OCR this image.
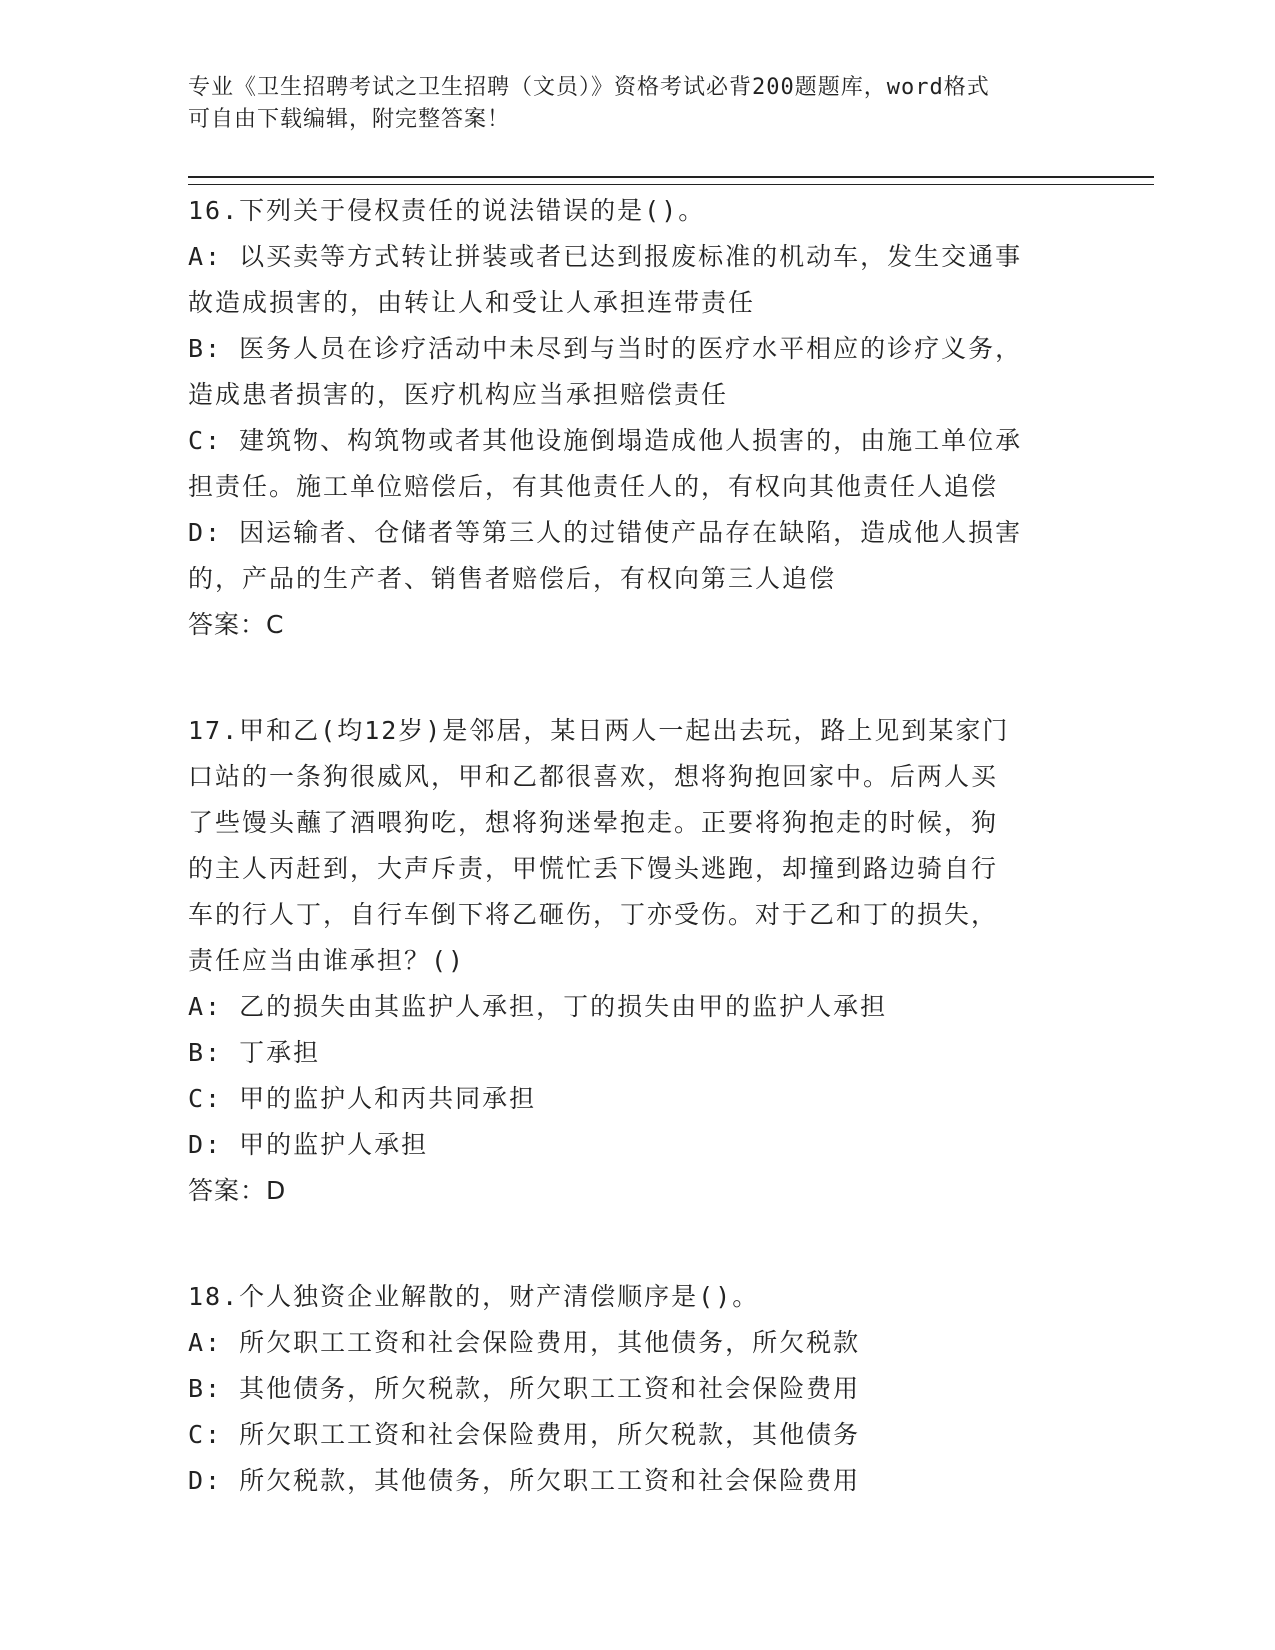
专业《卫生招聘考试之卫生招聘（文员）》资格考试必背200题题库，word格式
可自由下载编辑，附完整答案！
16.下列关于侵权责任的说法错误的是()。
A: 以买卖等方式转让拼装或者已达到报废标准的机动车，发生交通事
故造成损害的，由转让人和受让人承担连带责任
B: 医务人员在诊疗活动中未尽到与当时的医疗水平相应的诊疗义务，
造成患者损害的，医疗机构应当承担赔偿责任
C: 建筑物、构筑物或者其他设施倒塌造成他人损害的，由施工单位承
担责任。施工单位赔偿后，有其他责任人的，有权向其他责任人追偿
D: 因运输者、仓储者等第三人的过错使产品存在缺陷，造成他人损害
的，产品的生产者、销售者赔偿后，有权向第三人追偿
答案：C
17.甲和乙(均12岁)是邻居，某日两人一起出去玩，路上见到某家门
口站的一条狗很威风，甲和乙都很喜欢，想将狗抱回家中。后两人买
了些馒头蘸了酒喂狗吃，想将狗迷晕抱走。正要将狗抱走的时候，狗
的主人丙赶到，大声斥责，甲慌忙丢下馒头逃跑，却撞到路边骑自行
车的行人丁，自行车倒下将乙砸伤，丁亦受伤。对于乙和丁的损失，
责任应当由谁承担？()
A: 乙的损失由其监护人承担，丁的损失由甲的监护人承担
B: 丁承担
C: 甲的监护人和丙共同承担
D: 甲的监护人承担
答案：D
18.个人独资企业解散的，财产清偿顺序是()。
A: 所欠职工工资和社会保险费用，其他债务，所欠税款
B: 其他债务，所欠税款，所欠职工工资和社会保险费用
C: 所欠职工工资和社会保险费用，所欠税款，其他债务
D: 所欠税款，其他债务，所欠职工工资和社会保险费用
